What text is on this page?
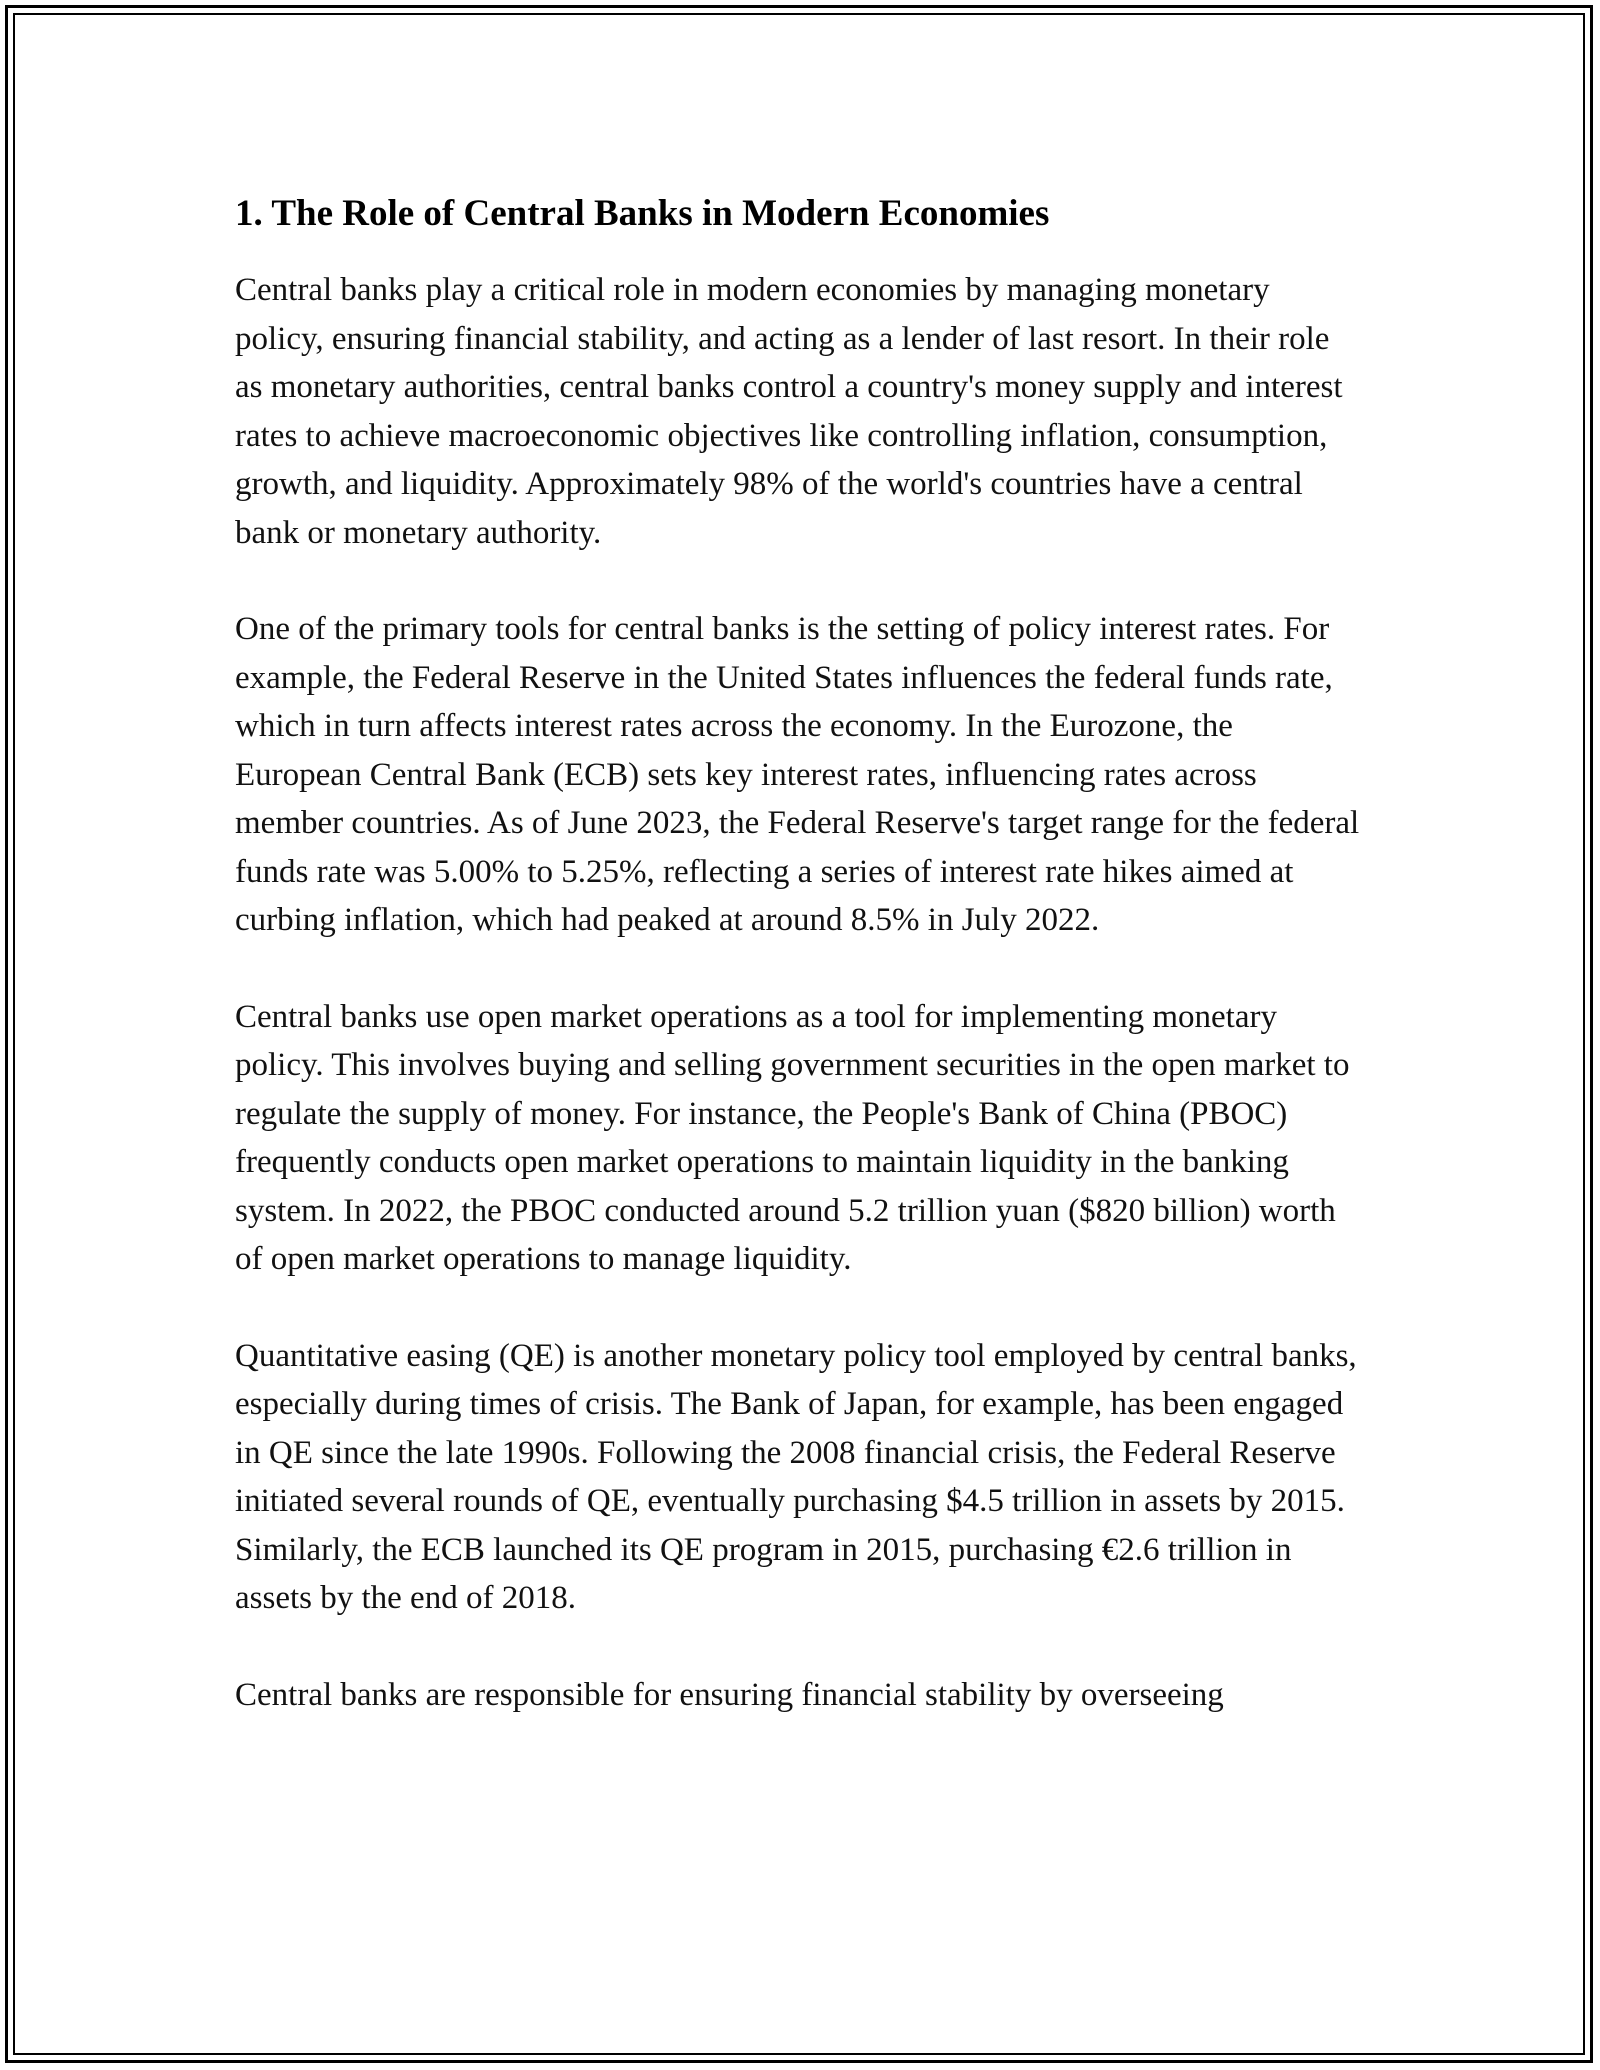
1. The Role of Central Banks in Modern Economies

Central banks play a critical role in modern economies by managing monetary policy, ensuring financial stability, and acting as a lender of last resort. In their role as monetary authorities, central banks control a country's money supply and interest rates to achieve macroeconomic objectives like controlling inflation, consumption, growth, and liquidity. Approximately 98% of the world's countries have a central bank or monetary authority.

One of the primary tools for central banks is the setting of policy interest rates. For example, the Federal Reserve in the United States influences the federal funds rate, which in turn affects interest rates across the economy. In the Eurozone, the European Central Bank (ECB) sets key interest rates, influencing rates across member countries. As of June 2023, the Federal Reserve's target range for the federal funds rate was 5.00% to 5.25%, reflecting a series of interest rate hikes aimed at curbing inflation, which had peaked at around 8.5% in July 2022.

Central banks use open market operations as a tool for implementing monetary policy. This involves buying and selling government securities in the open market to regulate the supply of money. For instance, the People's Bank of China (PBOC) frequently conducts open market operations to maintain liquidity in the banking system. In 2022, the PBOC conducted around 5.2 trillion yuan ($820 billion) worth of open market operations to manage liquidity.

Quantitative easing (QE) is another monetary policy tool employed by central banks, especially during times of crisis. The Bank of Japan, for example, has been engaged in QE since the late 1990s. Following the 2008 financial crisis, the Federal Reserve initiated several rounds of QE, eventually purchasing $4.5 trillion in assets by 2015. Similarly, the ECB launched its QE program in 2015, purchasing €2.6 trillion in assets by the end of 2018.

Central banks are responsible for ensuring financial stability by overseeing
